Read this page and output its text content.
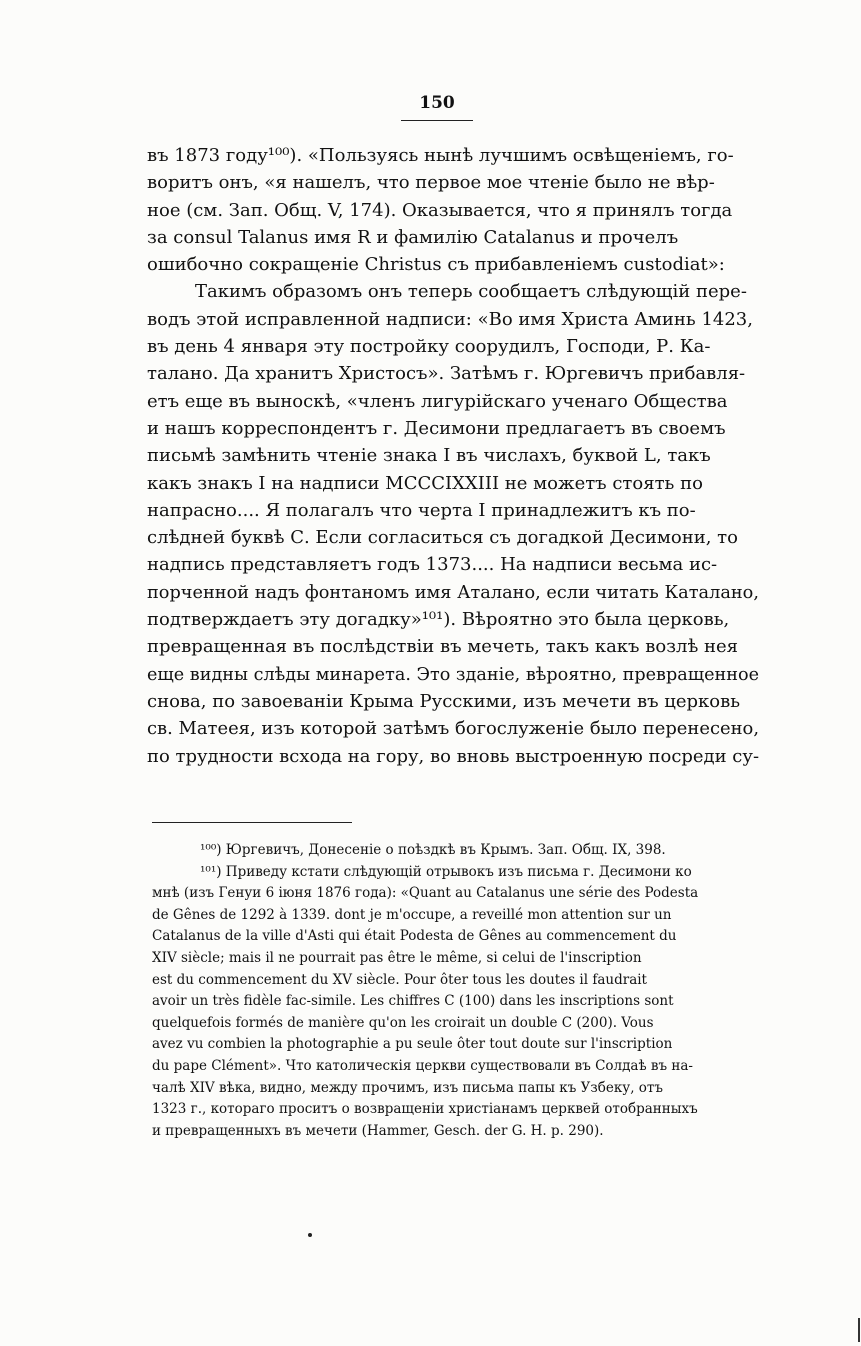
150
въ 1873 году¹⁰⁰). «Пользуясь нынѣ лучшимъ освѣщеніемъ, го-
воритъ онъ, «я нашелъ, что первое мое чтеніе было не вѣр-
ное (см. Зап. Общ. V, 174). Оказывается, что я принялъ тогда
за consul Talanus имя R и фамилію Catalanus и прочелъ
ошибочно сокращеніе Christus съ прибавленіемъ custodiat»:
Такимъ образомъ онъ теперь сообщаетъ слѣдующій пере-
водъ этой исправленной надписи: «Во имя Христа Аминь 1423,
въ день 4 января эту постройку соорудилъ, Господи, Р. Ка-
талано. Да хранитъ Христосъ». Затѣмъ г. Юргевичъ прибавля-
етъ еще въ выноскѣ, «членъ лигурійскаго ученаго Общества
и нашъ корреспондентъ г. Десимони предлагаетъ въ своемъ
письмѣ замѣнить чтеніе знака I въ числахъ, буквой L, такъ
какъ знакъ I на надписи MCCCIXXIII не можетъ стоять по
напрасно.... Я полагалъ что черта I принадлежитъ къ по-
слѣдней буквѣ С. Если согласиться съ догадкой Десимони, то
надпись представляетъ годъ 1373.... На надписи весьма ис-
порченной надъ фонтаномъ имя Аталано, если читать Каталано,
подтверждаетъ эту догадку»¹⁰¹). Вѣроятно это была церковь,
превращенная въ послѣдствіи въ мечеть, такъ какъ возлѣ нея
еще видны слѣды минарета. Это зданіе, вѣроятно, превращенное
снова, по завоеваніи Крыма Русскими, изъ мечети въ церковь
св. Матеея, изъ которой затѣмъ богослуженіе было перенесено,
по трудности всхода на гору, во вновь выстроенную посреди су-
¹⁰⁰) Юргевичъ, Донесеніе о поѣздкѣ въ Крымъ. Зап. Общ. IX, 398.
¹⁰¹) Приведу кстати слѣдующій отрывокъ изъ письма г. Десимони ко
мнѣ (изъ Генуи 6 іюня 1876 года): «Quant au Catalanus une série des Podesta
de Gênes de 1292 à 1339. dont je m'occupe, a reveillé mon attention sur un
Catalanus de la ville d'Asti qui était Podesta de Gênes au commencement du
XIV siècle; mais il ne pourrait pas être le même, si celui de l'inscription
est du commencement du XV siècle. Pour ôter tous les doutes il faudrait
avoir un très fidèle fac-simile. Les chiffres C (100) dans les inscriptions sont
quelquefois formés de manière qu'on les croirait un double C (200). Vous
avez vu combien la photographie a pu seule ôter tout doute sur l'inscription
du pape Clément». Что католическія церкви существовали въ Солдаѣ въ на-
чалѣ XIV вѣка, видно, между прочимъ, изъ письма папы къ Узбеку, отъ
1323 г., котораго проситъ о возвращеніи христіанамъ церквей отобранныхъ
и превращенныхъ въ мечети (Hammer, Gesch. der G. H. p. 290).
